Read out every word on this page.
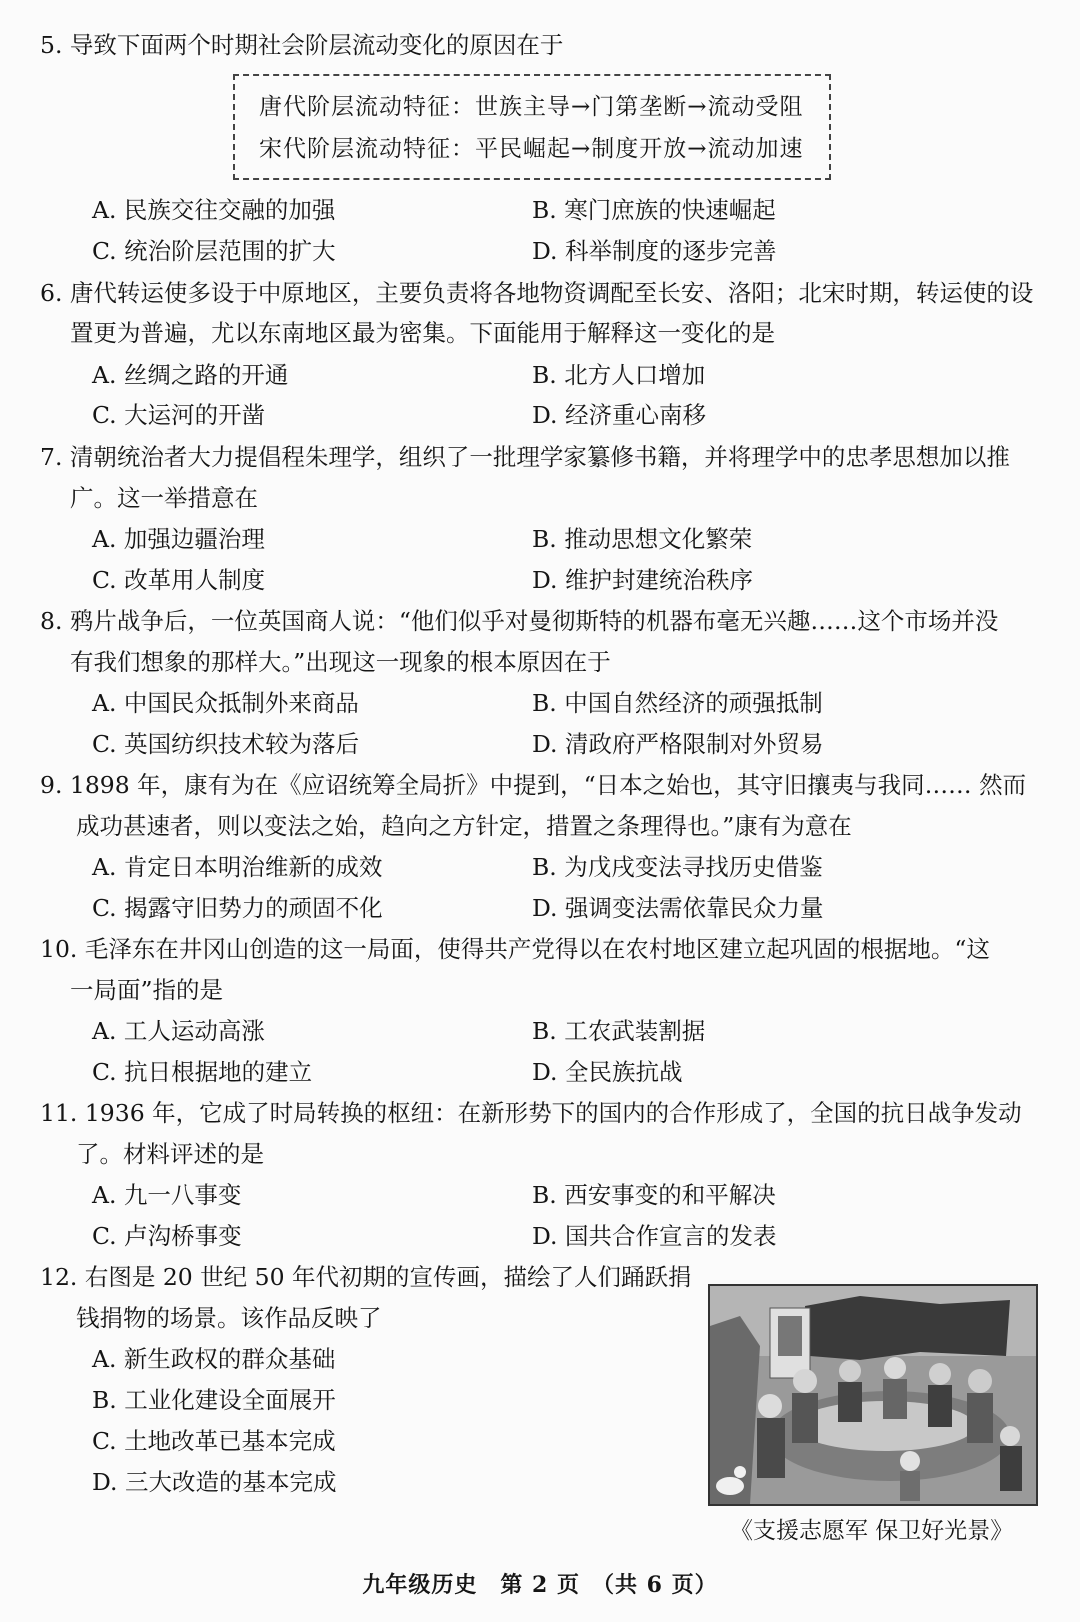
5. 导致下面两个时期社会阶层流动变化的原因在于
唐代阶层流动特征：世族主导→门第垄断→流动受阻
宋代阶层流动特征：平民崛起→制度开放→流动加速
A. 民族交往交融的加强	B. 寒门庶族的快速崛起
C. 统治阶层范围的扩大	D. 科举制度的逐步完善
6. 唐代转运使多设于中原地区，主要负责将各地物资调配至长安、洛阳；北宋时期，转运使的设
置更为普遍，尤以东南地区最为密集。下面能用于解释这一变化的是
A. 丝绸之路的开通	B. 北方人口增加
C. 大运河的开凿	D. 经济重心南移
7. 清朝统治者大力提倡程朱理学，组织了一批理学家纂修书籍，并将理学中的忠孝思想加以推
广。这一举措意在
A. 加强边疆治理	B. 推动思想文化繁荣
C. 改革用人制度	D. 维护封建统治秩序
8. 鸦片战争后，一位英国商人说：“他们似乎对曼彻斯特的机器布毫无兴趣……这个市场并没
有我们想象的那样大。”出现这一现象的根本原因在于
A. 中国民众抵制外来商品	B. 中国自然经济的顽强抵制
C. 英国纺织技术较为落后	D. 清政府严格限制对外贸易
9. 1898 年，康有为在《应诏统筹全局折》中提到，“日本之始也，其守旧攘夷与我同…… 然而
成功甚速者，则以变法之始，趋向之方针定，措置之条理得也。”康有为意在
A. 肯定日本明治维新的成效	B. 为戊戌变法寻找历史借鉴
C. 揭露守旧势力的顽固不化	D. 强调变法需依靠民众力量
10. 毛泽东在井冈山创造的这一局面，使得共产党得以在农村地区建立起巩固的根据地。“这
一局面”指的是
A. 工人运动高涨	B. 工农武装割据
C. 抗日根据地的建立	D. 全民族抗战
11. 1936 年，它成了时局转换的枢纽：在新形势下的国内的合作形成了，全国的抗日战争发动
了。材料评述的是
A. 九一八事变	B. 西安事变的和平解决
C. 卢沟桥事变	D. 国共合作宣言的发表
12. 右图是 20 世纪 50 年代初期的宣传画，描绘了人们踊跃捐
钱捐物的场景。该作品反映了
A. 新生政权的群众基础
B. 工业化建设全面展开
C. 土地改革已基本完成
D. 三大改造的基本完成
《支援志愿军 保卫好光景》
九年级历史　第 2 页　（共 6 页）
